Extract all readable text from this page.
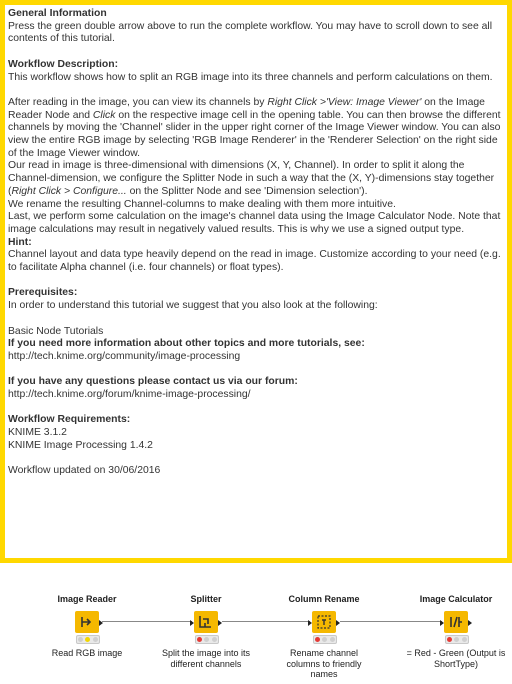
General Information

Press the green double arrow above to run the complete workflow. You may have to scroll down to see all contents of this tutorial.

Workflow Description:

This workflow shows how to split an RGB image into its three channels and perform calculations on them.

After reading in the image, you can view its channels by Right Click >'View: Image Viewer' on the Image Reader Node and Click on the respective image cell in the opening table. You can then browse the different channels by moving the 'Channel' slider in the upper right corner of the Image Viewer window. You can also view the entire RGB image by selecting 'RGB Image Renderer' in the 'Renderer Selection' on the right side of the Image Viewer window.

Our read in image is three-dimensional with dimensions (X, Y, Channel). In order to split it along the Channel-dimension, we configure the Splitter Node in such a way that the (X, Y)-dimensions stay together (Right Click > Configure... on the Splitter Node and see 'Dimension selection').

We rename the resulting Channel-columns to make dealing with them more intuitive.

Last, we perform some calculation on the image's channel data using the Image Calculator Node. Note that image calculations may result in negatively valued results. This is why we use a signed output type.

Hint:

Channel layout and data type heavily depend on the read in image. Customize according to your need (e.g. to facilitate Alpha channel (i.e. four channels) or float types).

Prerequisites:

In order to understand this tutorial we suggest that you also look at the following:

Basic Node Tutorials

If you need more information about other topics and more tutorials, see:

http://tech.knime.org/community/image-processing

If you have any questions please contact us via our forum:

http://tech.knime.org/forum/knime-image-processing/

Workflow Requirements:

KNIME 3.1.2

KNIME Image Processing 1.4.2

Workflow updated on 30/06/2016

Image Reader
Read RGB image
Splitter
Split the image into its different channels
Column Rename
Rename channel columns to friendly names
Image Calculator
= Red - Green (Output is ShortType)
